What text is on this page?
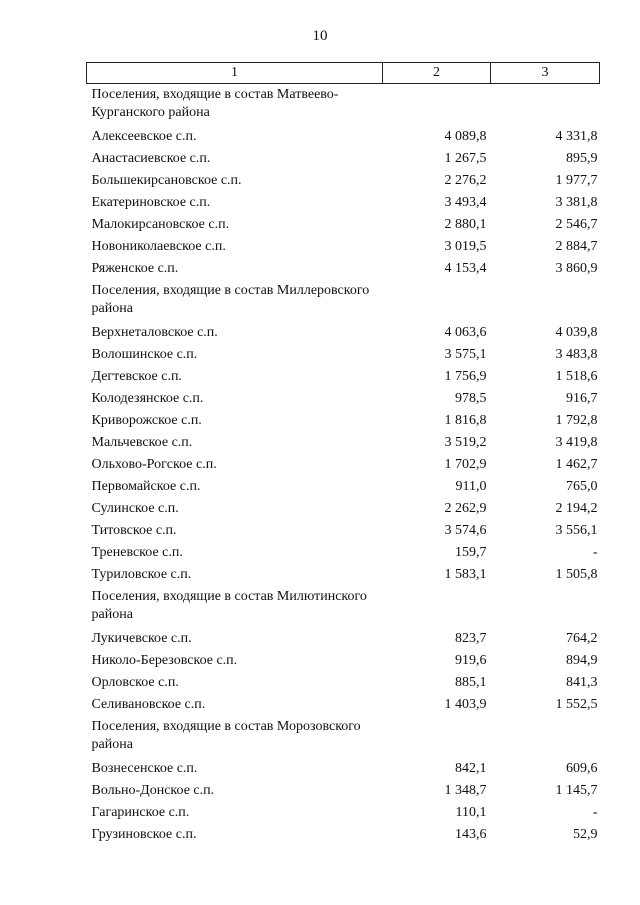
10
1	2	3
Поселения, входящие в состав Матвеево-Курганского района		
Алексеевское с.п.	4 089,8	4 331,8
Анастасиевское с.п.	1 267,5	895,9
Большекирсановское с.п.	2 276,2	1 977,7
Екатериновское с.п.	3 493,4	3 381,8
Малокирсановское с.п.	2 880,1	2 546,7
Новониколаевское с.п.	3 019,5	2 884,7
Ряженское с.п.	4 153,4	3 860,9
Поселения, входящие в состав Миллеровского района		
Верхнеталовское с.п.	4 063,6	4 039,8
Волошинское с.п.	3 575,1	3 483,8
Дегтевское с.п.	1 756,9	1 518,6
Колодезянское с.п.	978,5	916,7
Криворожское с.п.	1 816,8	1 792,8
Мальчевское с.п.	3 519,2	3 419,8
Ольхово-Рогское с.п.	1 702,9	1 462,7
Первомайское с.п.	911,0	765,0
Сулинское с.п.	2 262,9	2 194,2
Титовское с.п.	3 574,6	3 556,1
Треневское с.п.	159,7	-
Туриловское с.п.	1 583,1	1 505,8
Поселения, входящие в состав Милютинского района		
Лукичевское с.п.	823,7	764,2
Николо-Березовское с.п.	919,6	894,9
Орловское с.п.	885,1	841,3
Селивановское с.п.	1 403,9	1 552,5
Поселения, входящие в состав Морозовского района		
Вознесенское с.п.	842,1	609,6
Вольно-Донское с.п.	1 348,7	1 145,7
Гагаринское с.п.	110,1	-
Грузиновское с.п.	143,6	52,9
